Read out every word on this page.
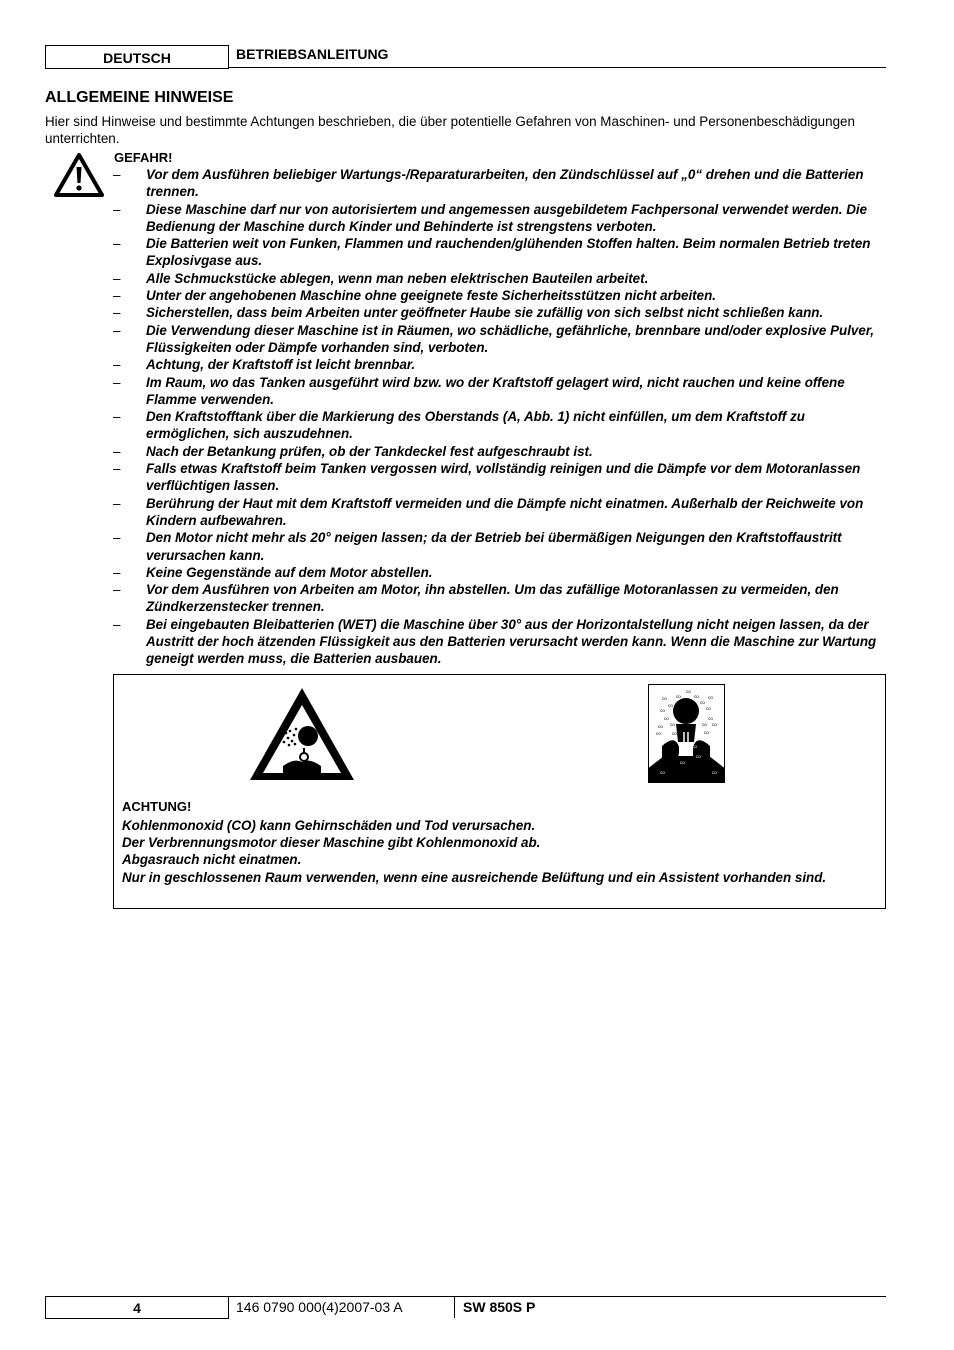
DEUTSCH	BETRIEBSANLEITUNG
ALLGEMEINE HINWEISE

Hier sind Hinweise und bestimmte Achtungen beschrieben, die über potentielle Gefahren von Maschinen- und Personenbeschädigungen unterrichten.

GEFAHR!
– Vor dem Ausführen beliebiger Wartungs-/Reparaturarbeiten, den Zündschlüssel auf „0“ drehen und die Batterien trennen.
– Diese Maschine darf nur von autorisiertem und angemessen ausgebildetem Fachpersonal verwendet werden. Die Bedienung der Maschine durch Kinder und Behinderte ist strengstens verboten.
– Die Batterien weit von Funken, Flammen und rauchenden/glühenden Stoffen halten. Beim normalen Betrieb treten Explosivgase aus.
– Alle Schmuckstücke ablegen, wenn man neben elektrischen Bauteilen arbeitet.
– Unter der angehobenen Maschine ohne geeignete feste Sicherheitsstützen nicht arbeiten.
– Sicherstellen, dass beim Arbeiten unter geöffneter Haube sie zufällig von sich selbst nicht schließen kann.
– Die Verwendung dieser Maschine ist in Räumen, wo schädliche, gefährliche, brennbare und/oder explosive Pulver, Flüssigkeiten oder Dämpfe vorhanden sind, verboten.
– Achtung, der Kraftstoff ist leicht brennbar.
– Im Raum, wo das Tanken ausgeführt wird bzw. wo der Kraftstoff gelagert wird, nicht rauchen und keine offene Flamme verwenden.
– Den Kraftstofftank über die Markierung des Oberstands (A, Abb. 1) nicht einfüllen, um dem Kraftstoff zu ermöglichen, sich auszudehnen.
– Nach der Betankung prüfen, ob der Tankdeckel fest aufgeschraubt ist.
– Falls etwas Kraftstoff beim Tanken vergossen wird, vollständig reinigen und die Dämpfe vor dem Motoranlassen verflüchtigen lassen.
– Berührung der Haut mit dem Kraftstoff vermeiden und die Dämpfe nicht einatmen. Außerhalb der Reichweite von Kindern aufbewahren.
– Den Motor nicht mehr als 20° neigen lassen; da der Betrieb bei übermäßigen Neigungen den Kraftstoffaustritt verursachen kann.
– Keine Gegenstände auf dem Motor abstellen.
– Vor dem Ausführen von Arbeiten am Motor, ihn abstellen. Um das zufällige Motoranlassen zu vermeiden, den Zündkerzenstecker trennen.
– Bei eingebauten Bleibatterien (WET) die Maschine über 30° aus der Horizontalstellung nicht neigen lassen, da der Austritt der hoch ätzenden Flüssigkeit aus den Batterien verursacht werden kann. Wenn die Maschine zur Wartung geneigt werden muss, die Batterien ausbauen.
co
co co	co co
co
co
co
co
co
co	co
co co	co co
co co	co
co co
co	co
co
co	co
ACHTUNG!
Kohlenmonoxid (CO) kann Gehirnschäden und Tod verursachen.
Der Verbrennungsmotor dieser Maschine gibt Kohlenmonoxid ab.
Abgasrauch nicht einatmen.
Nur in geschlossenen Raum verwenden, wenn eine ausreichende Belüftung und ein Assistent vorhanden sind.
4	146 0790 000(4)2007-03 A	SW 850S P
